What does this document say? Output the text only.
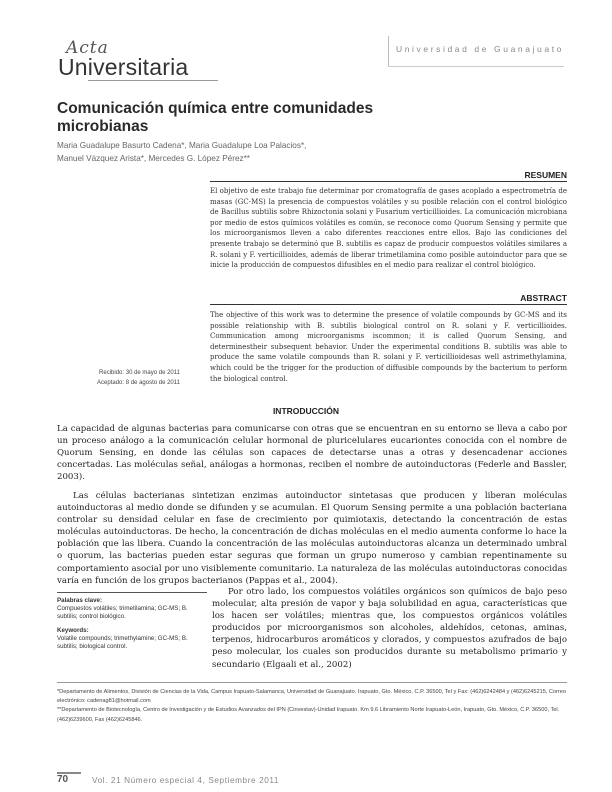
Acta
Universitaria
Universidad de Guanajuato
Comunicación química entre comunidades microbianas
Maria Guadalupe Basurto Cadena*, Maria Guadalupe Loa Palacios*,
Manuel Vázquez Arista*, Mercedes G. López Pérez**
RESUMEN
El objetivo de este trabajo fue determinar por cromatografía de gases acoplado a espectrometría de masas (GC-MS) la presencia de compuestos volátiles y su posible relación con el control biológico de Bacillus subtilis sobre Rhizoctonia solani y Fusarium verticillioides. La comunicación microbiana por medio de estos químicos volátiles es común, se reconoce como Quorum Sensing y permite que los microorganismos lleven a cabo diferentes reacciones entre ellos. Bajo las condiciones del presente trabajo se determinó que B. subtilis es capaz de producir compuestos volátiles similares a R. solani y F. verticillioides, además de liberar trimetilamina como posible autoinductor para que se inicie la producción de compuestos difusibles en el medio para realizar el control biológico.
ABSTRACT
The objective of this work was to determine the presence of volatile compounds by GC-MS and its possible relationship with B. subtilis biological control on R. solani y F. verticillioides. Communication among microorganisms iscommon; it is called Quorum Sensing, and determinestheir subsequent behavior. Under the experimental conditions B. subtilis was able to produce the same volatile compounds than R. solani y F. verticillioidesas well astrimethylamina, which could be the trigger for the production of diffusible compounds by the bacterium to perform the biological control.
Recibido: 30 de mayo de 2011
Aceptado: 8 de agosto de 2011
INTRODUCCIÓN
La capacidad de algunas bacterias para comunicarse con otras que se encuentran en su entorno se lleva a cabo por un proceso análogo a la comunicación celular hormonal de pluricelulares eucariontes conocida con el nombre de Quorum Sensing, en donde las células son capaces de detectarse unas a otras y desencadenar acciones concertadas. Las moléculas señal, análogas a hormonas, reciben el nombre de autoinductoras (Federle and Bassler, 2003).
Las células bacterianas sintetizan enzimas autoinductor sintetasas que producen y liberan moléculas autoinductoras al medio donde se difunden y se acumulan. El Quorum Sensing permite a una población bacteriana controlar su densidad celular en fase de crecimiento por quimiotaxis, detectando la concentración de estas moléculas autoinductoras. De hecho, la concentración de dichas moléculas en el medio aumenta conforme lo hace la población que las libera. Cuando la concentración de las moléculas autoinductoras alcanza un determinado umbral o quorum, las bacterias pueden estar seguras que forman un grupo numeroso y cambian repentinamente su comportamiento asocial por uno visiblemente comunitario. La naturaleza de las moléculas autoinductoras conocidas varía en función de los grupos bacterianos (Pappas et al., 2004).
Por otro lado, los compuestos volátiles orgánicos son químicos de bajo peso molecular, alta presión de vapor y baja solubilidad en agua, características que los hacen ser volátiles; mientras que, los compuestos orgánicos volátiles producidos por microorganismos son alcoholes, aldehídos, cetonas, aminas, terpenos, hidrocarburos aromáticos y clorados, y compuestos azufrados de bajo peso molecular, los cuales son producidos durante su metabolismo primario y secundario (Elgaali et al., 2002)
Palabras clave:
Compuestos volátiles; trimetilamina; GC-MS; B. subtilis; control biológico.
Keywords:
Volatile compounds; trimethylamine; GC-MS; B. subtilis; biological control.
*Departamento de Alimentos, División de Ciencias de la Vida, Campus Irapuato-Salamanca, Universidad de Guanajuato. Irapuato, Gto. México, C.P. 36500, Tel y Fax: (462)6242484 y (462)6245215, Correo electrónico: cadenag81@hotmail.com
**Departamento de Biotecnología, Centro de Investigación y de Estudios Avanzados del IPN (Cinvestav)-Unidad Irapuato. Km 9.6 Libramiento Norte Irapuato-León, Irapuato, Gto. México, C.P. 36500, Tel. (462)6239600, Fax (462)6245846.
70	Vol. 21 Número especial 4, Septiembre 2011
